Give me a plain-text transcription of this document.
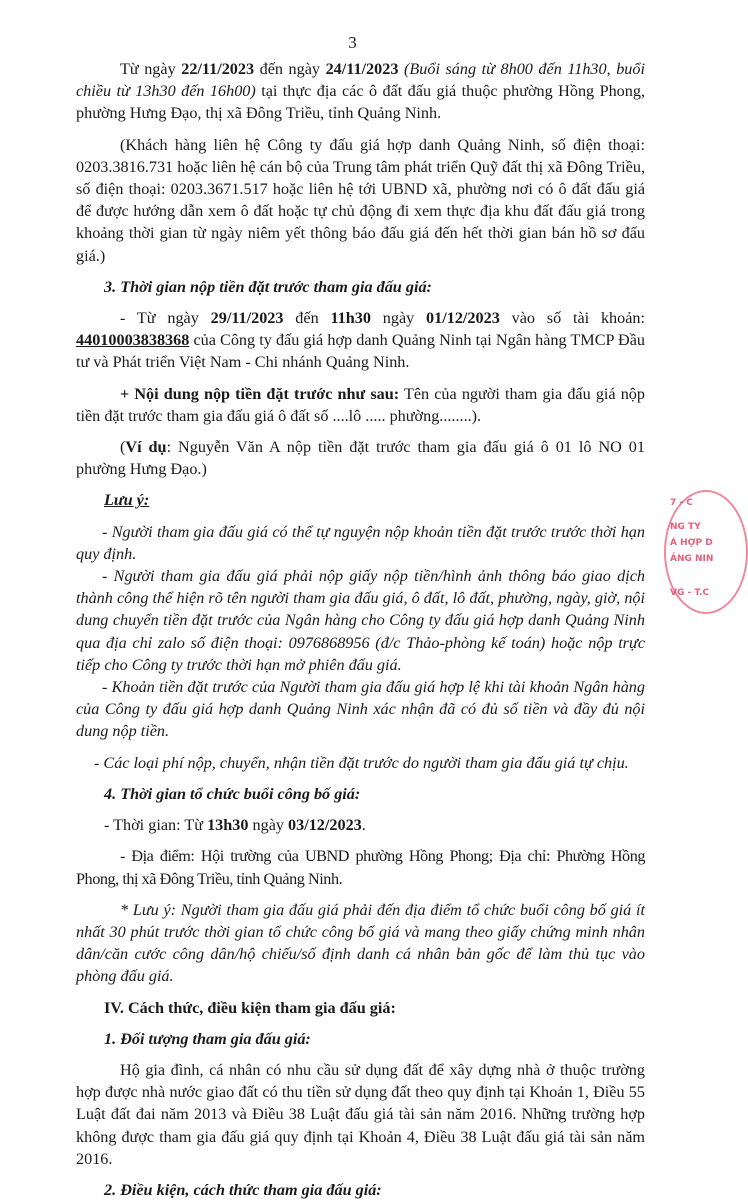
3

Từ ngày 22/11/2023 đến ngày 24/11/2023 (Buổi sáng từ 8h00 đến 11h30, buổi chiều từ 13h30 đến 16h00) tại thực địa các ô đất đấu giá thuộc phường Hồng Phong, phường Hưng Đạo, thị xã Đông Triều, tỉnh Quảng Ninh.

(Khách hàng liên hệ Công ty đấu giá hợp danh Quảng Ninh, số điện thoại: 0203.3816.731 hoặc liên hệ cán bộ của Trung tâm phát triển Quỹ đất thị xã Đông Triều, số điện thoại: 0203.3671.517 hoặc liên hệ tới UBND xã, phường nơi có ô đất đấu giá để được hướng dẫn xem ô đất hoặc tự chủ động đi xem thực địa khu đất đấu giá trong khoảng thời gian từ ngày niêm yết thông báo đấu giá đến hết thời gian bán hồ sơ đấu giá.)

3. Thời gian nộp tiền đặt trước tham gia đấu giá:

- Từ ngày 29/11/2023 đến 11h30 ngày 01/12/2023 vào số tài khoản: 44010003838368 của Công ty đấu giá hợp danh Quảng Ninh tại Ngân hàng TMCP Đầu tư và Phát triển Việt Nam - Chi nhánh Quảng Ninh.

+ Nội dung nộp tiền đặt trước như sau: Tên của người tham gia đấu giá nộp tiền đặt trước tham gia đấu giá ô đất số ....lô ..... phường........).

(Ví dụ: Nguyễn Văn A nộp tiền đặt trước tham gia đấu giá ô 01 lô NO 01 phường Hưng Đạo.)

Lưu ý:

- Người tham gia đấu giá có thể tự nguyện nộp khoản tiền đặt trước trước thời hạn quy định.

- Người tham gia đấu giá phải nộp giấy nộp tiền/hình ảnh thông báo giao dịch thành công thể hiện rõ tên người tham gia đấu giá, ô đất, lô đất, phường, ngày, giờ, nội dung chuyển tiền đặt trước của Ngân hàng cho Công ty đấu giá hợp danh Quảng Ninh qua địa chỉ zalo số điện thoại: 0976868956 (đ/c Thảo-phòng kế toán) hoặc nộp trực tiếp cho Công ty trước thời hạn mở phiên đấu giá.

- Khoản tiền đặt trước của Người tham gia đấu giá hợp lệ khi tài khoản Ngân hàng của Công ty đấu giá hợp danh Quảng Ninh xác nhận đã có đủ số tiền và đầy đủ nội dung nộp tiền.

- Các loại phí nộp, chuyển, nhận tiền đặt trước do người tham gia đấu giá tự chịu.

4. Thời gian tổ chức buổi công bố giá:

- Thời gian: Từ 13h30 ngày 03/12/2023.

- Địa điểm: Hội trường của UBND phường Hồng Phong; Địa chỉ: Phường Hồng Phong, thị xã Đông Triều, tỉnh Quảng Ninh.

* Lưu ý: Người tham gia đấu giá phải đến địa điểm tổ chức buổi công bố giá ít nhất 30 phút trước thời gian tổ chức công bố giá và mang theo giấy chứng minh nhân dân/căn cước công dân/hộ chiếu/số định danh cá nhân bản gốc để làm thủ tục vào phòng đấu giá.

IV. Cách thức, điều kiện tham gia đấu giá:

1. Đối tượng tham gia đấu giá:

Hộ gia đình, cá nhân có nhu cầu sử dụng đất để xây dựng nhà ở thuộc trường hợp được nhà nước giao đất có thu tiền sử dụng đất theo quy định tại Khoản 1, Điều 55 Luật đất đai năm 2013 và Điều 38 Luật đấu giá tài sản năm 2016. Những trường hợp không được tham gia đấu giá quy định tại Khoản 4, Điều 38 Luật đấu giá tài sản năm 2016.

2. Điều kiện, cách thức tham gia đấu giá:

7 - C
NG TY
Á HỢP D
ẢNG NIN
VG - T.C
